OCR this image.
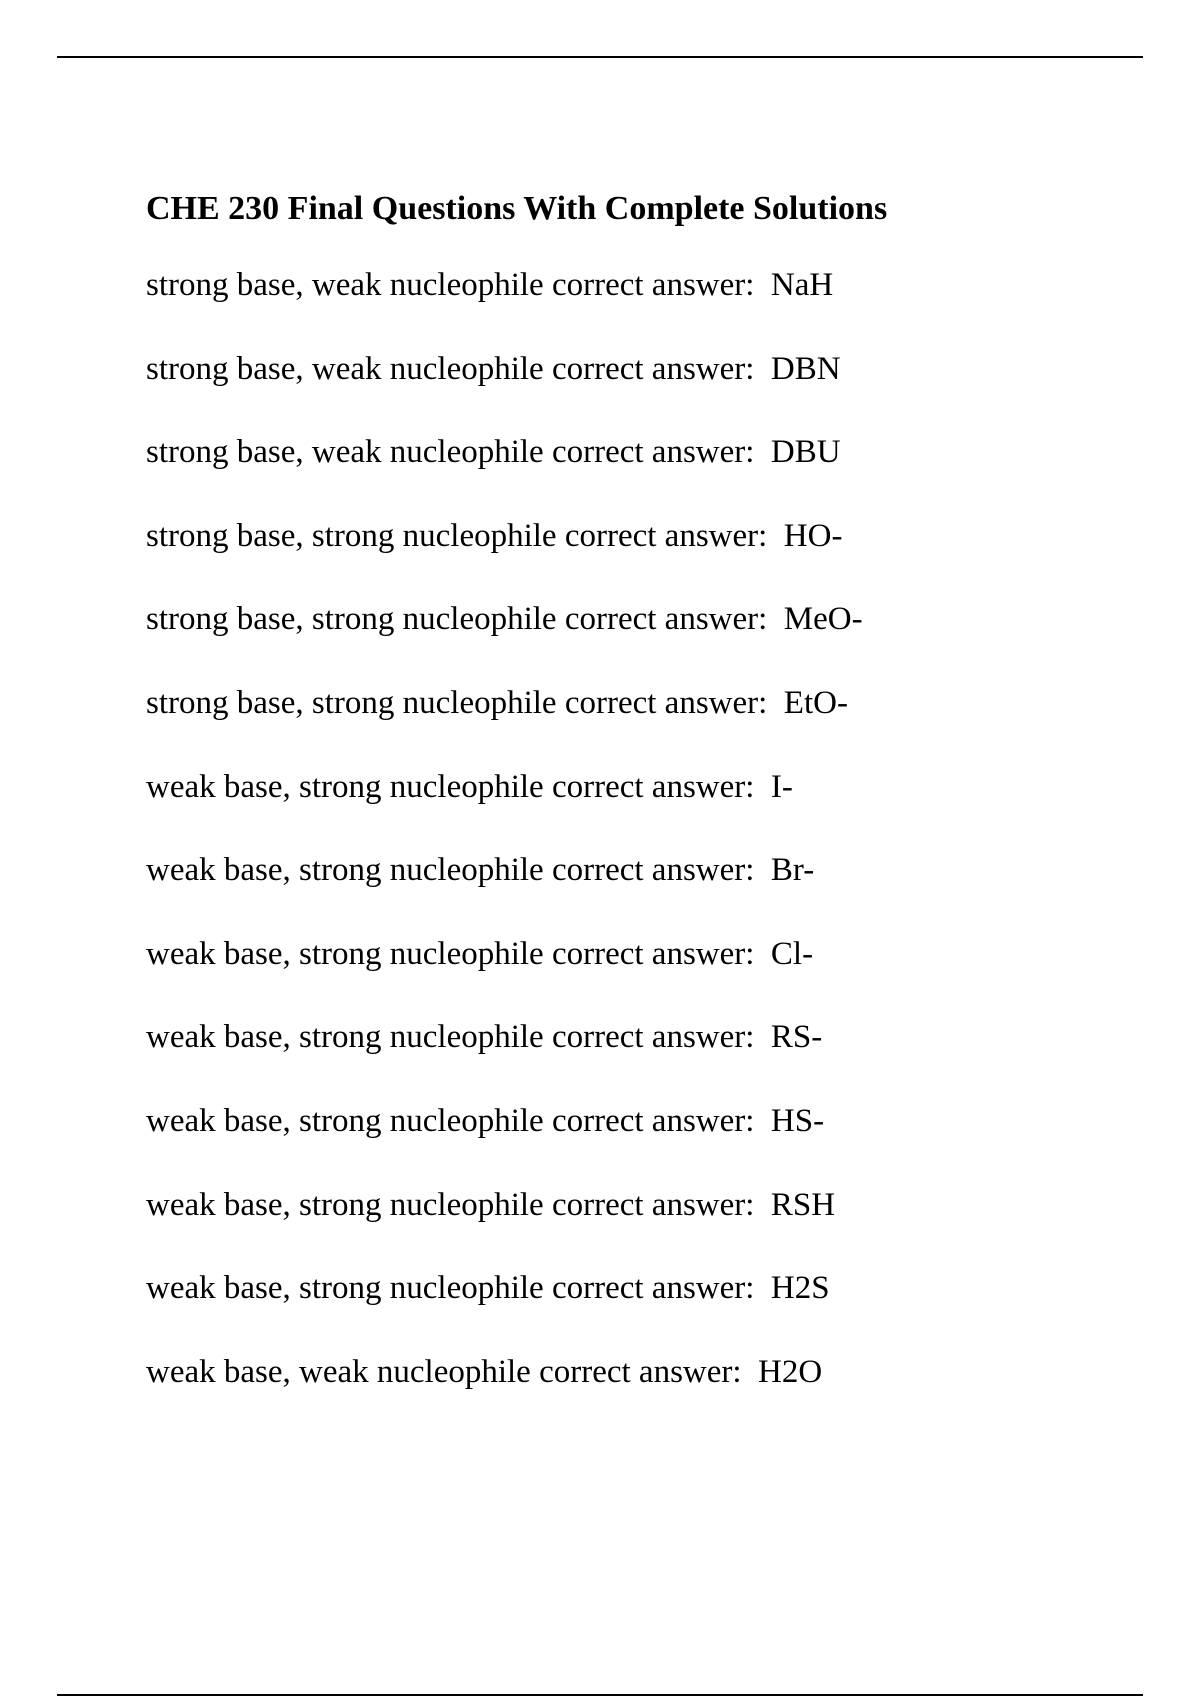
CHE 230 Final Questions With Complete Solutions
strong base, weak nucleophile correct answer: NaH
strong base, weak nucleophile correct answer: DBN
strong base, weak nucleophile correct answer: DBU
strong base, strong nucleophile correct answer: HO-
strong base, strong nucleophile correct answer: MeO-
strong base, strong nucleophile correct answer: EtO-
weak base, strong nucleophile correct answer: I-
weak base, strong nucleophile correct answer: Br-
weak base, strong nucleophile correct answer: Cl-
weak base, strong nucleophile correct answer: RS-
weak base, strong nucleophile correct answer: HS-
weak base, strong nucleophile correct answer: RSH
weak base, strong nucleophile correct answer: H2S
weak base, weak nucleophile correct answer: H2O
